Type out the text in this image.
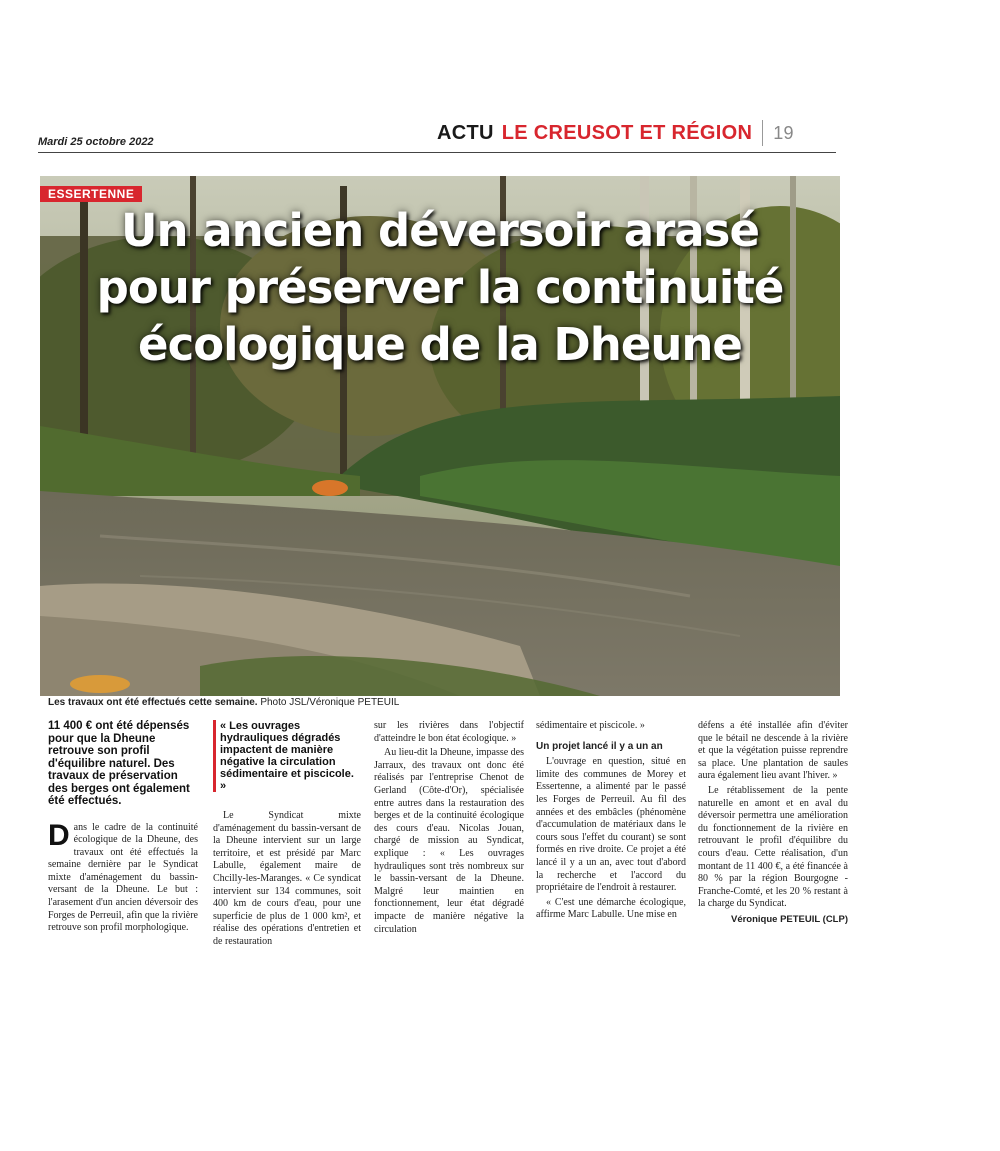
Mardi 25 octobre 2022	ACTU LE CREUSOT ET RÉGION 19
ESSERTENNE
Un ancien déversoir arasé
pour préserver la continuité
écologique de la Dheune
Les travaux ont été effectués cette semaine. Photo JSL/Véronique PETEUIL
11 400 € ont été dépensés pour que la Dheune retrouve son profil d'équilibre naturel. Des travaux de préservation des berges ont également été effectués.

Dans le cadre de la continuité écologique de la Dheune, des travaux ont été effectués la semaine dernière par le Syndicat mixte d'aménagement du bassin-versant de la Dheune. Le but : l'arasement d'un ancien déversoir des Forges de Perreuil, afin que la rivière retrouve son profil morphologique.

« Les ouvrages hydrauliques dégradés impactent de manière négative la circulation sédimentaire et piscicole. »

Le Syndicat mixte d'aménagement du bassin-versant de la Dheune intervient sur un large territoire, et est présidé par Marc Labulle, également maire de Chcilly-les-Maranges. « Ce syndicat intervient sur 134 communes, soit 400 km de cours d'eau, pour une superficie de plus de 1 000 km², et réalise des opérations d'entretien et de restauration

sur les rivières dans l'objectif d'atteindre le bon état écologique. »

Au lieu-dit la Dheune, impasse des Jarraux, des travaux ont donc été réalisés par l'entreprise Chenot de Gerland (Côte-d'Or), spécialisée entre autres dans la restauration des berges et de la continuité écologique des cours d'eau. Nicolas Jouan, chargé de mission au Syndicat, explique : « Les ouvrages hydrauliques sont très nombreux sur le bassin-versant de la Dheune. Malgré leur maintien en fonctionnement, leur état dégradé impacte de manière négative la circulation

sédimentaire et piscicole. »

Un projet lancé il y a un an

L'ouvrage en question, situé en limite des communes de Morey et Essertenne, a alimenté par le passé les Forges de Perreuil. Au fil des années et des embâcles (phénomène d'accumulation de matériaux dans le cours sous l'effet du courant) se sont formés en rive droite. Ce projet a été lancé il y a un an, avec tout d'abord la recherche et l'accord du propriétaire de l'endroit à restaurer.

« C'est une démarche écologique, affirme Marc Labulle. Une mise en

défens a été installée afin d'éviter que le bétail ne descende à la rivière et que la végétation puisse reprendre sa place. Une plantation de saules aura également lieu avant l'hiver. »

Le rétablissement de la pente naturelle en amont et en aval du déversoir permettra une amélioration du fonctionnement de la rivière en retrouvant le profil d'équilibre du cours d'eau. Cette réalisation, d'un montant de 11 400 €, a été financée à 80 % par la région Bourgogne - Franche-Comté, et les 20 % restant à la charge du Syndicat.

Véronique PETEUIL (CLP)
